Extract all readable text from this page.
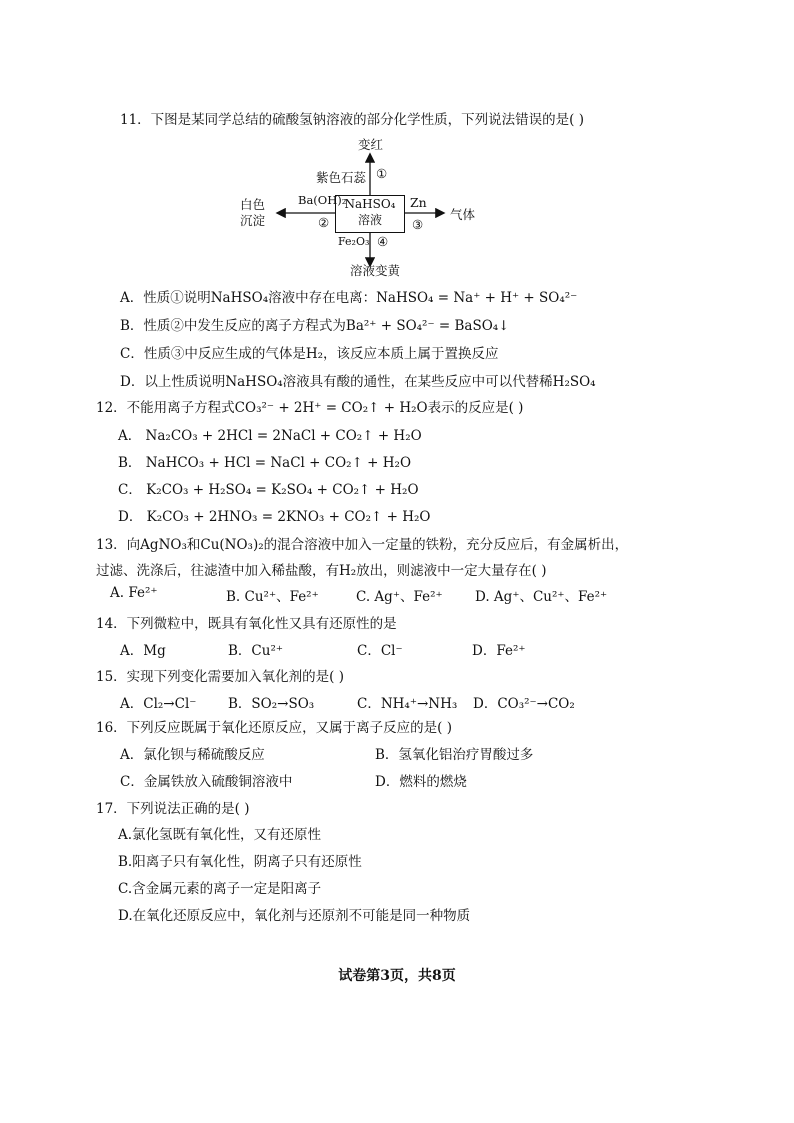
11．下图是某同学总结的硫酸氢钠溶液的部分化学性质，下列说法错误的是( )
变红
紫色石蕊 ①
Ba(OH)₂
②
白色
沉淀
NaHSO₄
溶液
Zn
③
气体
Fe₂O₃ ④
溶液变黄
A．性质①说明NaHSO₄溶液中存在电离：NaHSO₄ = Na⁺ + H⁺ + SO₄²⁻
B．性质②中发生反应的离子方程式为Ba²⁺ + SO₄²⁻ = BaSO₄↓
C．性质③中反应生成的气体是H₂，该反应本质上属于置换反应
D．以上性质说明NaHSO₄溶液具有酸的通性，在某些反应中可以代替稀H₂SO₄
12．不能用离子方程式CO₃²⁻ + 2H⁺ = CO₂↑ + H₂O表示的反应是( )
A． Na₂CO₃ + 2HCl = 2NaCl + CO₂↑ + H₂O
B． NaHCO₃ + HCl = NaCl + CO₂↑ + H₂O
C． K₂CO₃ + H₂SO₄ = K₂SO₄ + CO₂↑ + H₂O
D． K₂CO₃ + 2HNO₃ = 2KNO₃ + CO₂↑ + H₂O
13．向AgNO₃和Cu(NO₃)₂的混合溶液中加入一定量的铁粉，充分反应后，有金属析出，
过滤、洗涤后，往滤渣中加入稀盐酸，有H₂放出，则滤液中一定大量存在( )
A. Fe²⁺	B. Cu²⁺、Fe²⁺	C. Ag⁺、Fe²⁺ D. Ag⁺、Cu²⁺、Fe²⁺
14．下列微粒中，既具有氧化性又具有还原性的是
A．Mg	B．Cu²⁺	C．Cl⁻	D．Fe²⁺
15．实现下列变化需要加入氧化剂的是( )
A．Cl₂→Cl⁻ B．SO₂→SO₃	C．NH₄⁺→NH₃ D．CO₃²⁻→CO₂
16．下列反应既属于氧化还原反应，又属于离子反应的是( )
A．氯化钡与稀硫酸反应	B．氢氧化铝治疗胃酸过多
C．金属铁放入硫酸铜溶液中	D．燃料的燃烧
17．下列说法正确的是( )
A.氯化氢既有氧化性，又有还原性
B.阳离子只有氧化性，阴离子只有还原性
C.含金属元素的离子一定是阳离子
D.在氧化还原反应中，氧化剂与还原剂不可能是同一种物质
试卷第3页，共8页
